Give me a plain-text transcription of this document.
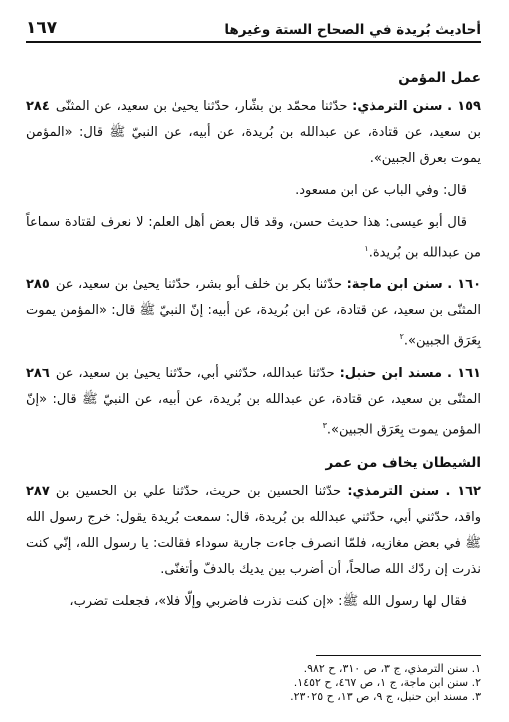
أحاديث بُريدة في الصحاح الستة وغيرها
١٦٧
عمل المؤمن

٢٨٤	١٥٩ . سنن الترمذي: حدّثنا محمّد بن بشّار، حدّثنا يحيىٰ بن سعيد، عن المثنّى بن سعيد، عن قتادة، عن عبدالله بن بُريدة، عن أبيه، عن النبيّ ﷺ قال: «المؤمن يموت بعرق الجبين».

قال: وفي الباب عن ابن مسعود.

قال أبو عيسى: هذا حديث حسن، وقد قال بعض أهل العلم: لا نعرف لقتادة سماعاً من عبدالله بن بُريدة.$^١$

٢٨٥	١٦٠ . سنن ابن ماجة: حدّثنا بكر بن خلف أبو بشر، حدّثنا يحيىٰ بن سعيد، عن المثنّى بن سعيد، عن قتادة، عن ابن بُريدة، عن أبيه: إنّ النبيّ ﷺ قال: «المؤمن يموت بِعَرَق الجبين».$^٢$

٢٨٦	١٦١ . مسند ابن حنبل: حدّثنا عبدالله، حدّثني أبي، حدّثنا يحيىٰ بن سعيد، عن المثنّى بن سعيد، عن قتادة، عن عبدالله بن بُريدة، عن أبيه، عن النبيّ ﷺ قال: «إنّ المؤمن يموت بِعَرَق الجبين».$^٣$

الشيطان يخاف من عمر

٢٨٧	١٦٢ . سنن الترمذي: حدّثنا الحسين بن حريث، حدّثنا علي بن الحسين بن واقد، حدّثني أبي، حدّثني عبدالله بن بُريدة، قال: سمعت بُريدة يقول: خرج رسول الله ﷺ في بعض مغازيه، فلمّا انصرف جاءت جارية سوداء فقالت: يا رسول الله، إنّي كنت نذرت إن ردّك الله صالحاً، أن أضرب بين يديك بالدفّ وأتغنّى.

فقال لها رسول الله ﷺ: «إن كنت نذرت فاضربي وإلّا فلا»، فجعلت تضرب،

١. سنن الترمذي، ج ٣، ص ٣١٠، ح ٩٨٢.
٢. سنن ابن ماجة، ج ١، ص ٤٦٧، ح ١٤٥٢.
٣. مسند ابن حنبل، ج ٩، ص ١٣، ح ٢٣٠٢٥.
